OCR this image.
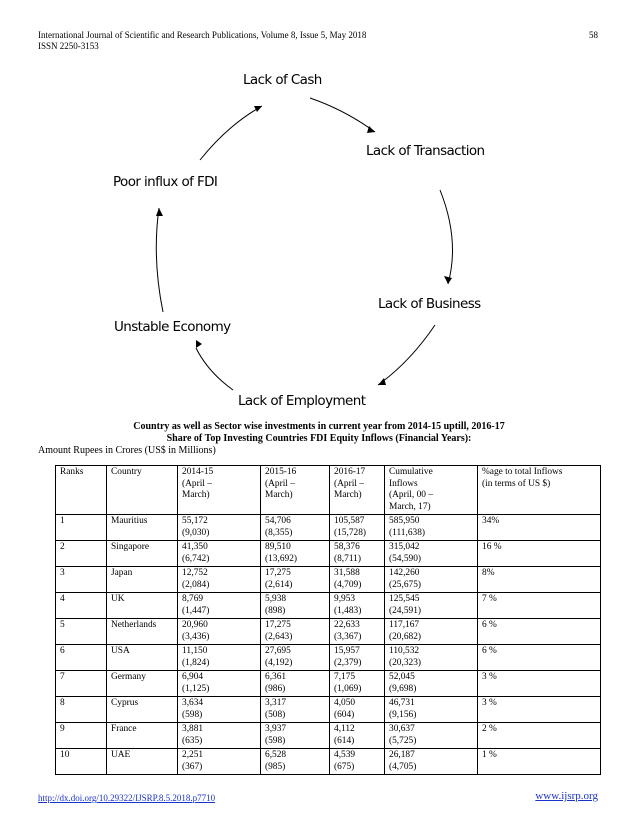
International Journal of Scientific and Research Publications, Volume 8, Issue 5, May 2018
ISSN 2250-3153
58
Lack of Cash
Lack of Transaction
Lack of Business
Lack of Employment
Unstable Economy
Poor influx of FDI
Country as well as Sector wise investments in current year from 2014-15 uptill, 2016-17
Share of Top Investing Countries FDI Equity Inflows (Financial Years):
Amount Rupees in Crores (US$ in Millions)
Ranks	Country	2014-15
(April –
March)	2015-16
(April –
March)	2016-17
(April –
March)	Cumulative
Inflows
(April, 00 –
March, 17)	%age to total Inflows
(in terms of US $)

1	Mauritius	55,172
(9,030)	54,706
(8,355)	105,587
(15,728)	585,950
(111,638)	34%

2	Singapore	41,350
(6,742)	89,510
(13,692)	58,376
(8,711)	315,042
(54,590)	16 %

3	Japan	12,752
(2,084)	17,275
(2,614)	31,588
(4,709)	142,260
(25,675)	8%

4	UK	8,769
(1,447)	5,938
(898)	9,953
(1,483)	125,545
(24,591)	7 %

5	Netherlands	20,960
(3,436)	17,275
(2,643)	22,633
(3,367)	117,167
(20,682)	6 %

6	USA	11,150
(1,824)	27,695
(4,192)	15,957
(2,379)	110,532
(20,323)	6 %

7	Germany	6,904
(1,125)	6,361
(986)	7,175
(1,069)	52,045
(9,698)	3 %

8	Cyprus	3,634
(598)	3,317
(508)	4,050
(604)	46,731
(9,156)	3 %

9	France	3,881
(635)	3,937
(598)	4,112
(614)	30,637
(5,725)	2 %

10	UAE	2,251
(367)	6,528
(985)	4,539
(675)	26,187
(4,705)	1 %
http://dx.doi.org/10.29322/IJSRP.8.5.2018.p7710	www.ijsrp.org
